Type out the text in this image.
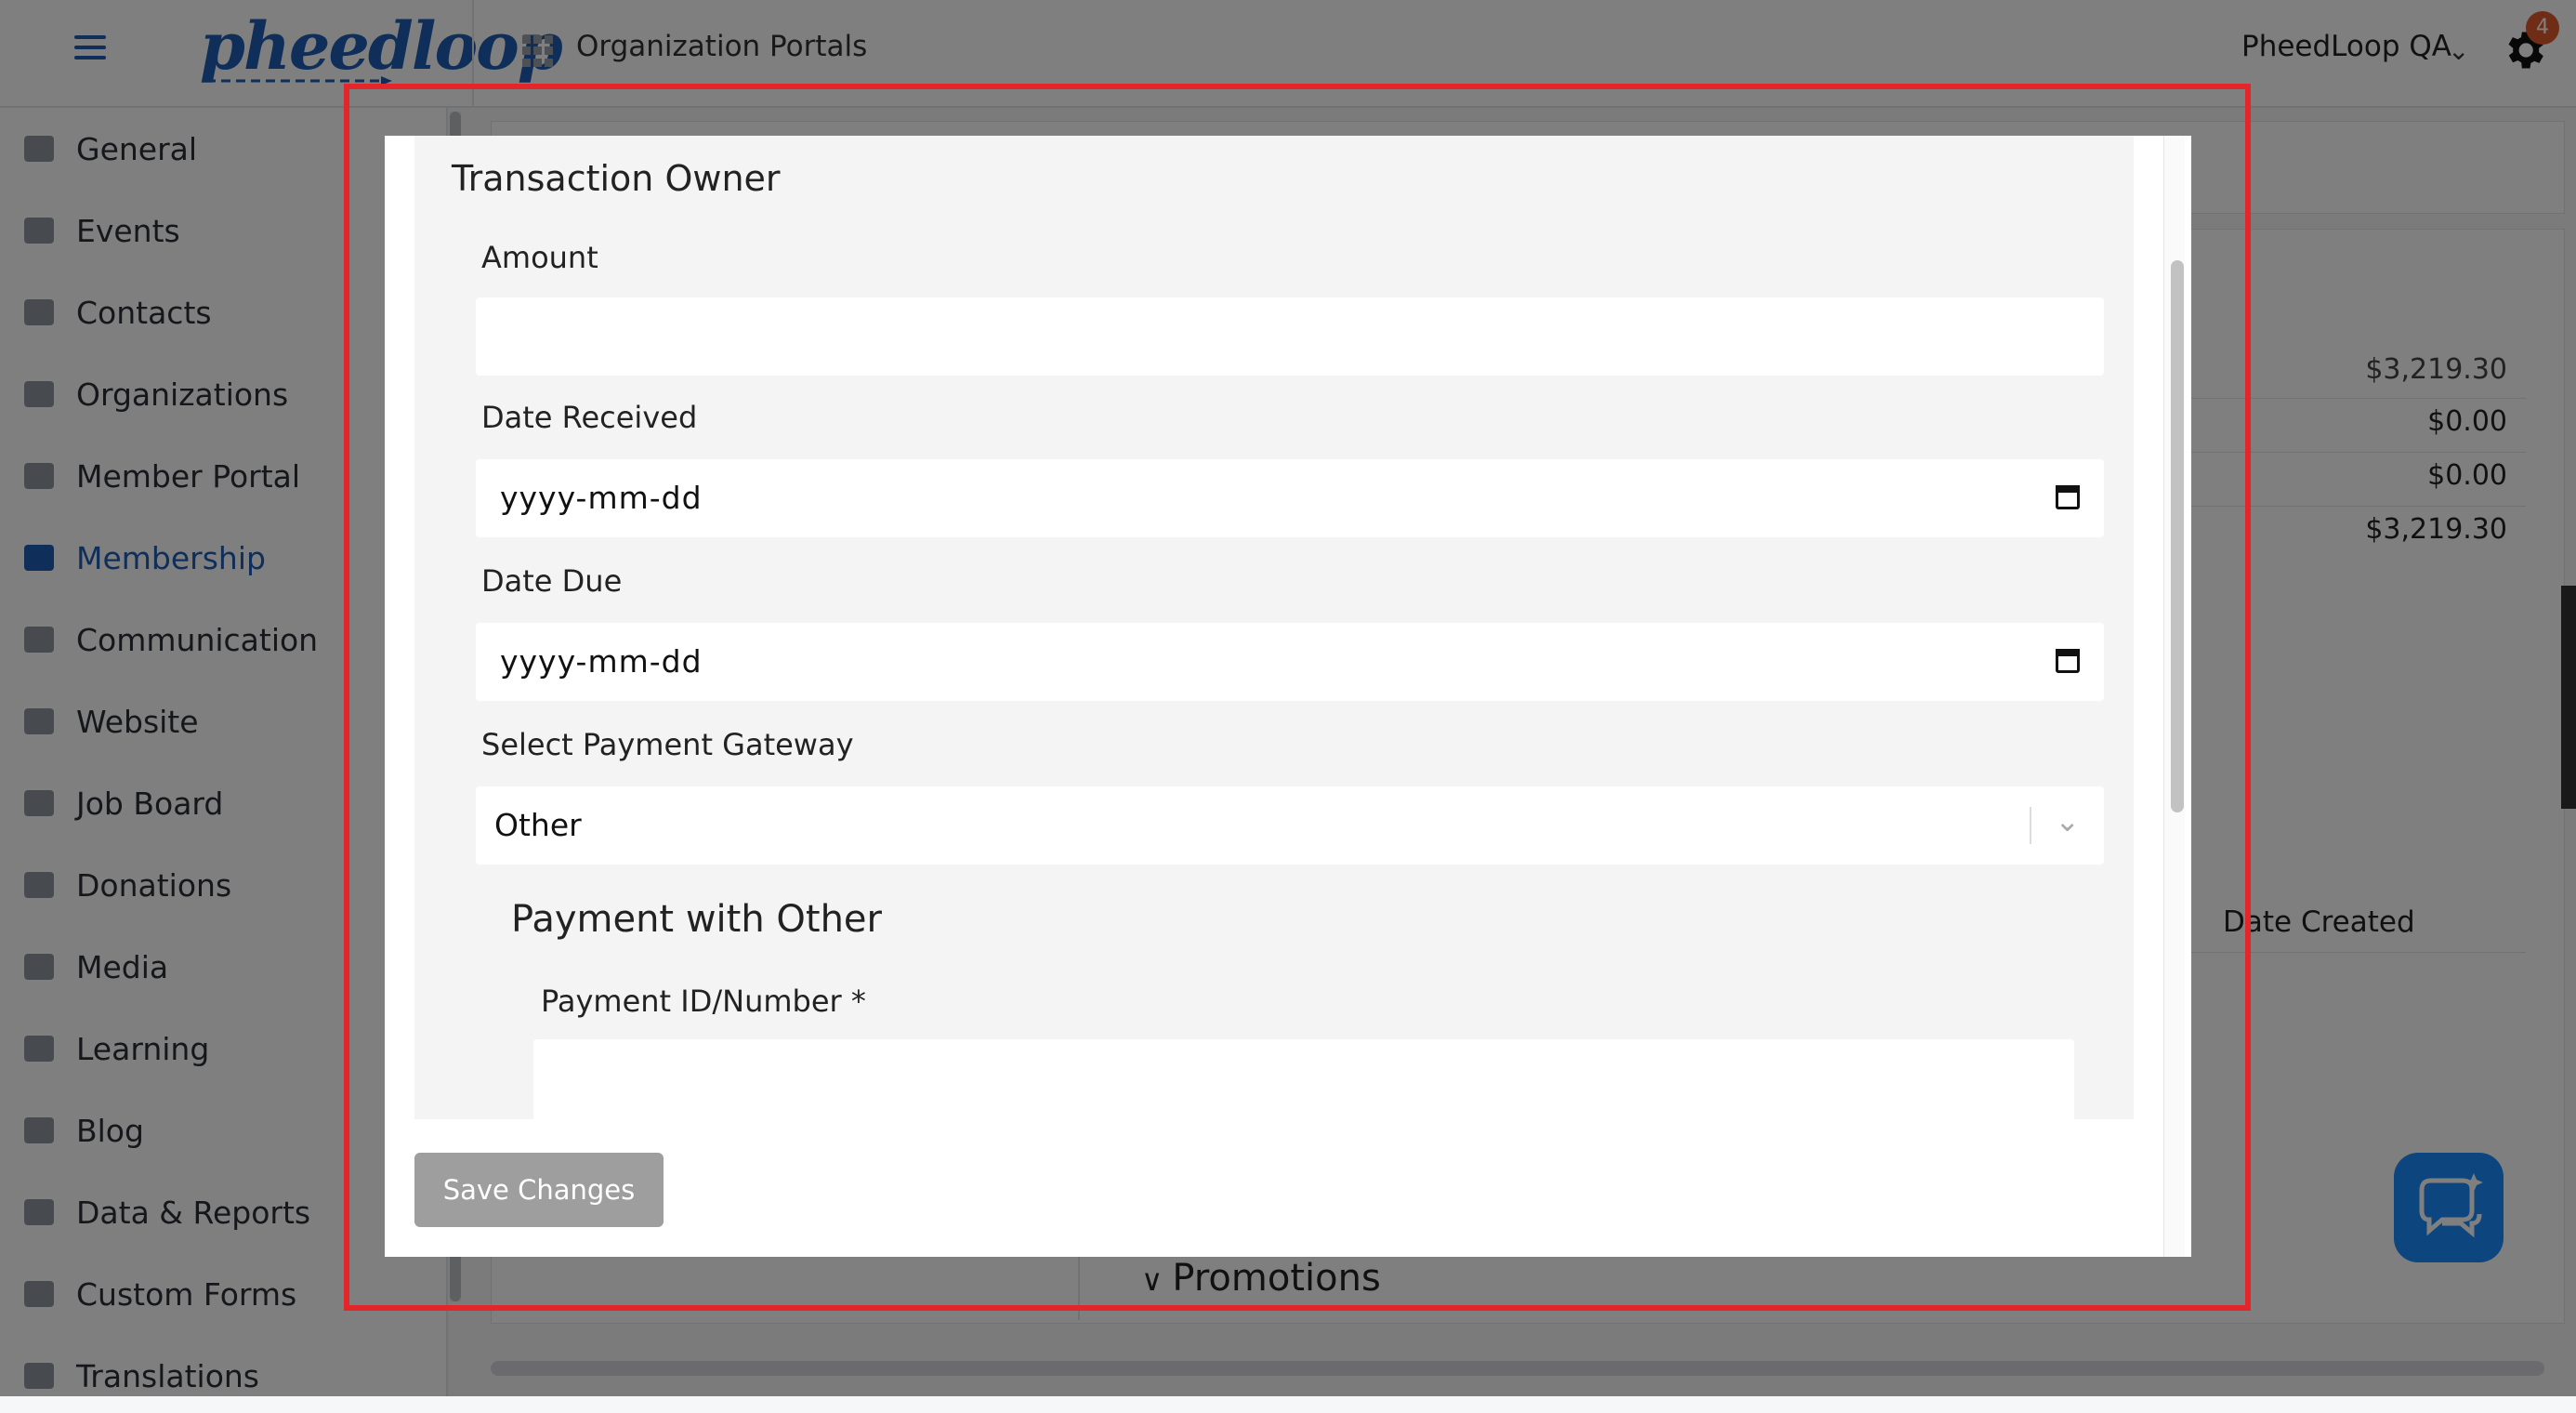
Transaction Owner
Amount
Date Received
yyyy-mm-dd
Date Due
yyyy-mm-dd
Select Payment Gateway
Other	⌄
Payment with Other
Payment ID/Number *
Save Changes
